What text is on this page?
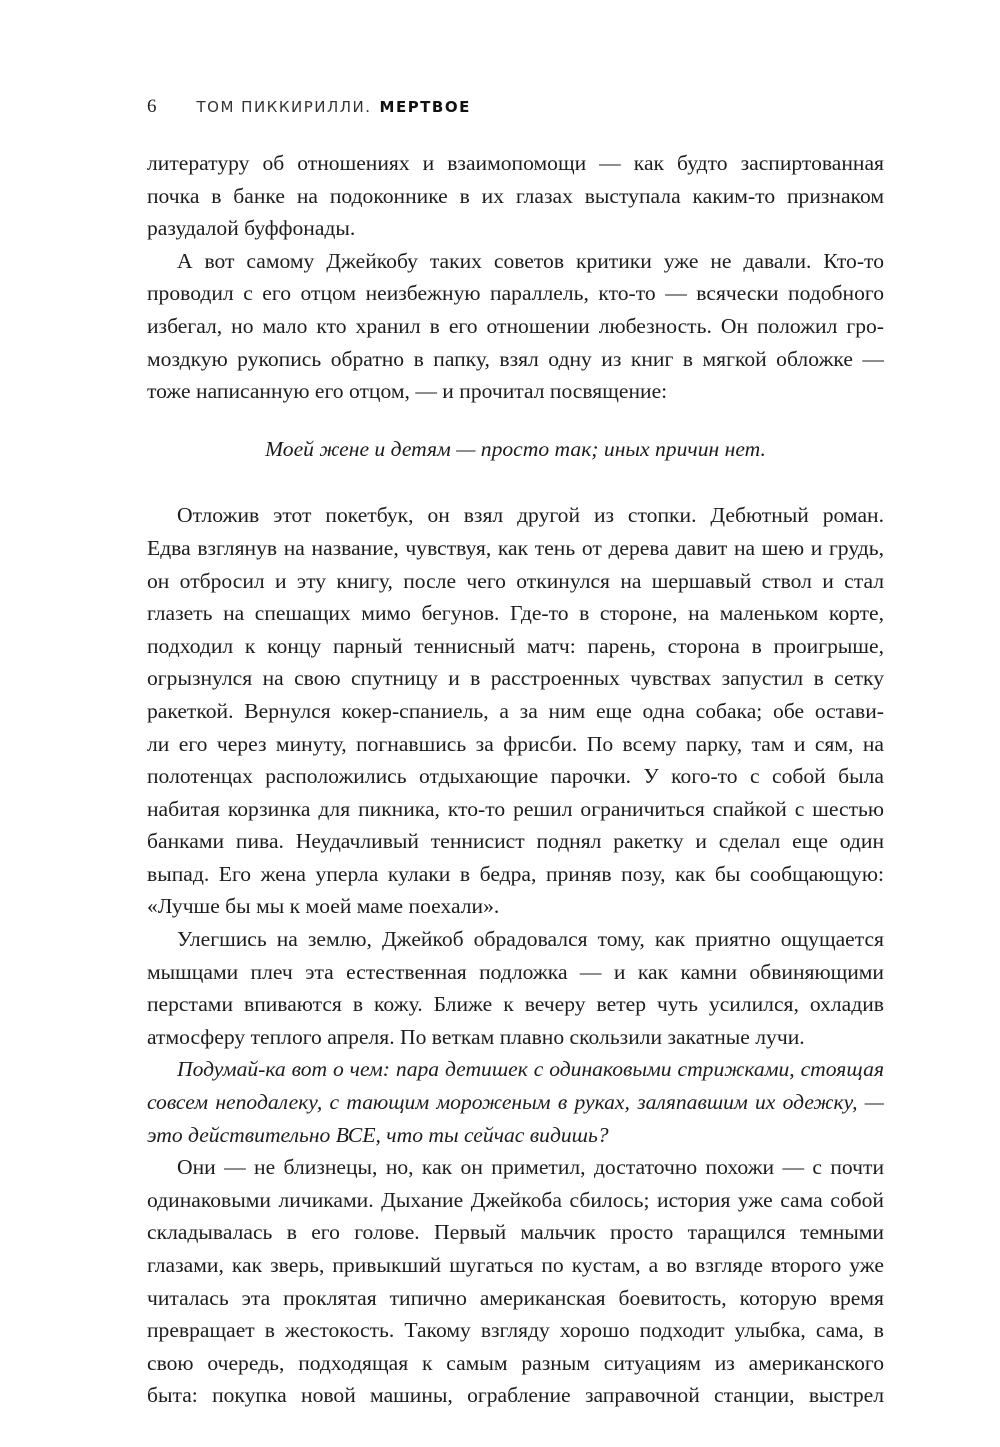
6	ТОМ ПИККИРИЛЛИ. МЕРТВОЕ
литературу об отношениях и взаимопомощи — как будто заспиртованная
почка в банке на подоконнике в их глазах выступала каким-то признаком
разудалой буффонады.
А вот самому Джейкобу таких советов критики уже не давали. Кто-то
проводил с его отцом неизбежную параллель, кто-то — всячески подобного
избегал, но мало кто хранил в его отношении любезность. Он положил гро-
моздкую рукопись обратно в папку, взял одну из книг в мягкой обложке —
тоже написанную его отцом, — и прочитал посвящение:
Моей жене и детям — просто так; иных причин нет.
Отложив этот покетбук, он взял другой из стопки. Дебютный роман.
Едва взглянув на название, чувствуя, как тень от дерева давит на шею и грудь,
он отбросил и эту книгу, после чего откинулся на шершавый ствол и стал
глазеть на спешащих мимо бегунов. Где-то в стороне, на маленьком корте,
подходил к концу парный теннисный матч: парень, сторона в проигрыше,
огрызнулся на свою спутницу и в расстроенных чувствах запустил в сетку
ракеткой. Вернулся кокер-спаниель, а за ним еще одна собака; обе остави-
ли его через минуту, погнавшись за фрисби. По всему парку, там и сям, на
полотенцах расположились отдыхающие парочки. У кого-то с собой была
набитая корзинка для пикника, кто-то решил ограничиться спайкой с шестью
банками пива. Неудачливый теннисист поднял ракетку и сделал еще один
выпад. Его жена уперла кулаки в бедра, приняв позу, как бы сообщающую:
«Лучше бы мы к моей маме поехали».
Улегшись на землю, Джейкоб обрадовался тому, как приятно ощущается
мышцами плеч эта естественная подложка — и как камни обвиняющими
перстами впиваются в кожу. Ближе к вечеру ветер чуть усилился, охладив
атмосферу теплого апреля. По веткам плавно скользили закатные лучи.
Подумай-ка вот о чем: пара детишек с одинаковыми стрижками, стоящая
совсем неподалеку, с тающим мороженым в руках, заляпавшим их одежку, —
это действительно ВСЕ, что ты сейчас видишь?
Они — не близнецы, но, как он приметил, достаточно похожи — с почти
одинаковыми личиками. Дыхание Джейкоба сбилось; история уже сама собой
складывалась в его голове. Первый мальчик просто таращился темными
глазами, как зверь, привыкший шугаться по кустам, а во взгляде второго уже
читалась эта проклятая типично американская боевитость, которую время
превращает в жестокость. Такому взгляду хорошо подходит улыбка, сама, в
свою очередь, подходящая к самым разным ситуациям из американского
быта: покупка новой машины, ограбление заправочной станции, выстрел
